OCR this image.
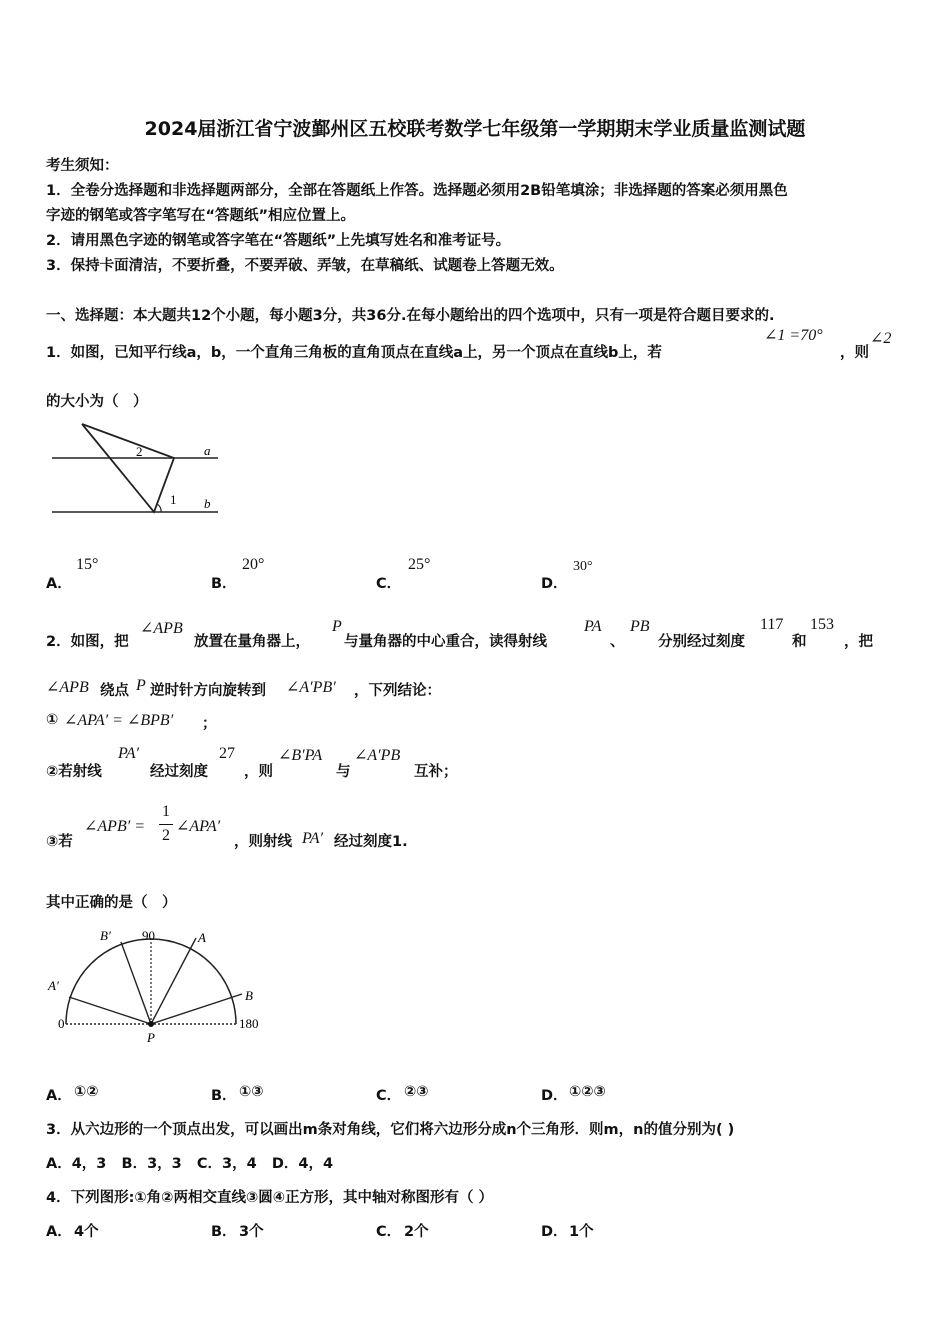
2024届浙江省宁波鄞州区五校联考数学七年级第一学期期末学业质量监测试题
考生须知：
1．全卷分选择题和非选择题两部分，全部在答题纸上作答。选择题必须用2B铅笔填涂；非选择题的答案必须用黑色
字迹的钢笔或答字笔写在“答题纸”相应位置上。
2．请用黑色字迹的钢笔或答字笔在“答题纸”上先填写姓名和准考证号。
3．保持卡面清洁，不要折叠，不要弄破、弄皱，在草稿纸、试题卷上答题无效。
一、选择题：本大题共12个小题，每小题3分，共36分.在每小题给出的四个选项中，只有一项是符合题目要求的.
1．如图，已知平行线a，b，一个直角三角板的直角顶点在直线a上，另一个顶点在直线b上，若
∠1 =70°
，则
∠2
的大小为（　）
a
b
1
2
A．
15°
B．
20°
C．
25°
D．
30°
2．如图，把
∠APB
放置在量角器上，
P
与量角器的中心重合，读得射线
PA
、
PB
分别经过刻度
117
和
153
，把
∠APB 绕点 P 逆时针方向旋转到 ∠A′PB′ ，下列结论：
① ∠APA′ = ∠BPB′ ；
②若射线
PA′
经过刻度
27
，则
∠B′PA
与
∠A′PB
互补；
③若
∠APB′ =
1
2
∠APA′
，则射线 PA′ 经过刻度1.
其中正确的是（　）
90
0	180
P
A
B
A′
B′
A． ①②	B． ①③	C． ②③	D． ①②③
3．从六边形的一个顶点出发，可以画出m条对角线，它们将六边形分成n个三角形．则m，n的值分别为( )
A．4，3   B．3，3   C．3，4   D．4，4
4．下列图形:①角②两相交直线③圆④正方形，其中轴对称图形有（ ）
A． 4个	B． 3个	C． 2个	D． 1个
